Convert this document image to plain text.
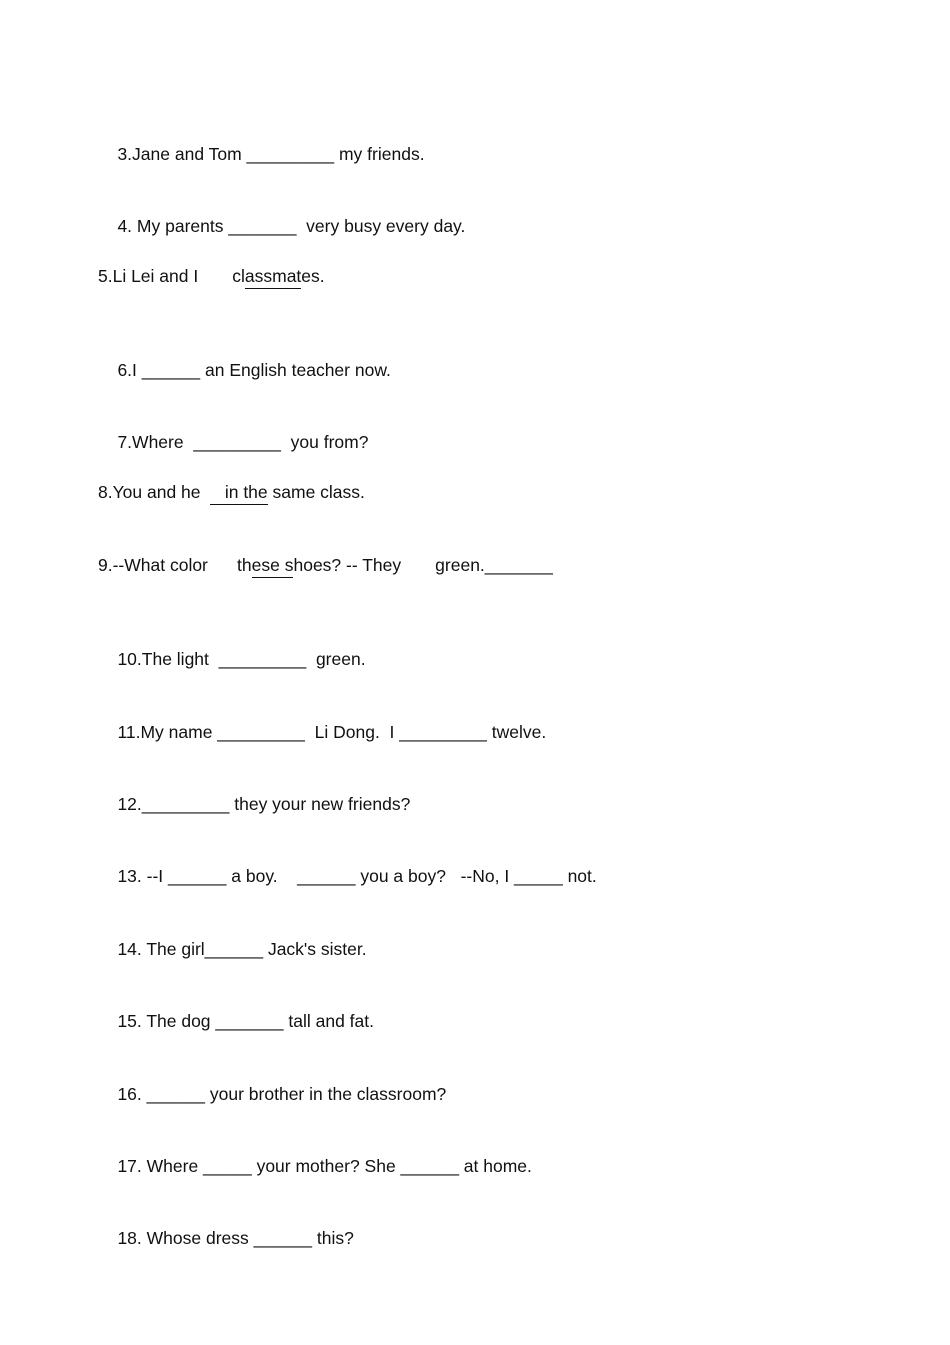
3.Jane and Tom _________ my friends.

4. My parents _______  very busy every day.

5.Li Lei and I       classmates.

6.I ______ an English teacher now.

7.Where  _________  you from?

8.You and he     in the same class.
9.--What color      these shoes? -- They       green._______

10.The light  _________  green.

11.My name _________  Li Dong.  I _________ twelve.

12._________ they your new friends?

13. --I ______ a boy.    ______ you a boy?   --No, I _____ not.

14. The girl______ Jack's sister.

15. The dog _______ tall and fat.

16. ______ your brother in the classroom?

17. Where _____ your mother? She ______ at home.

18. Whose dress ______ this?
